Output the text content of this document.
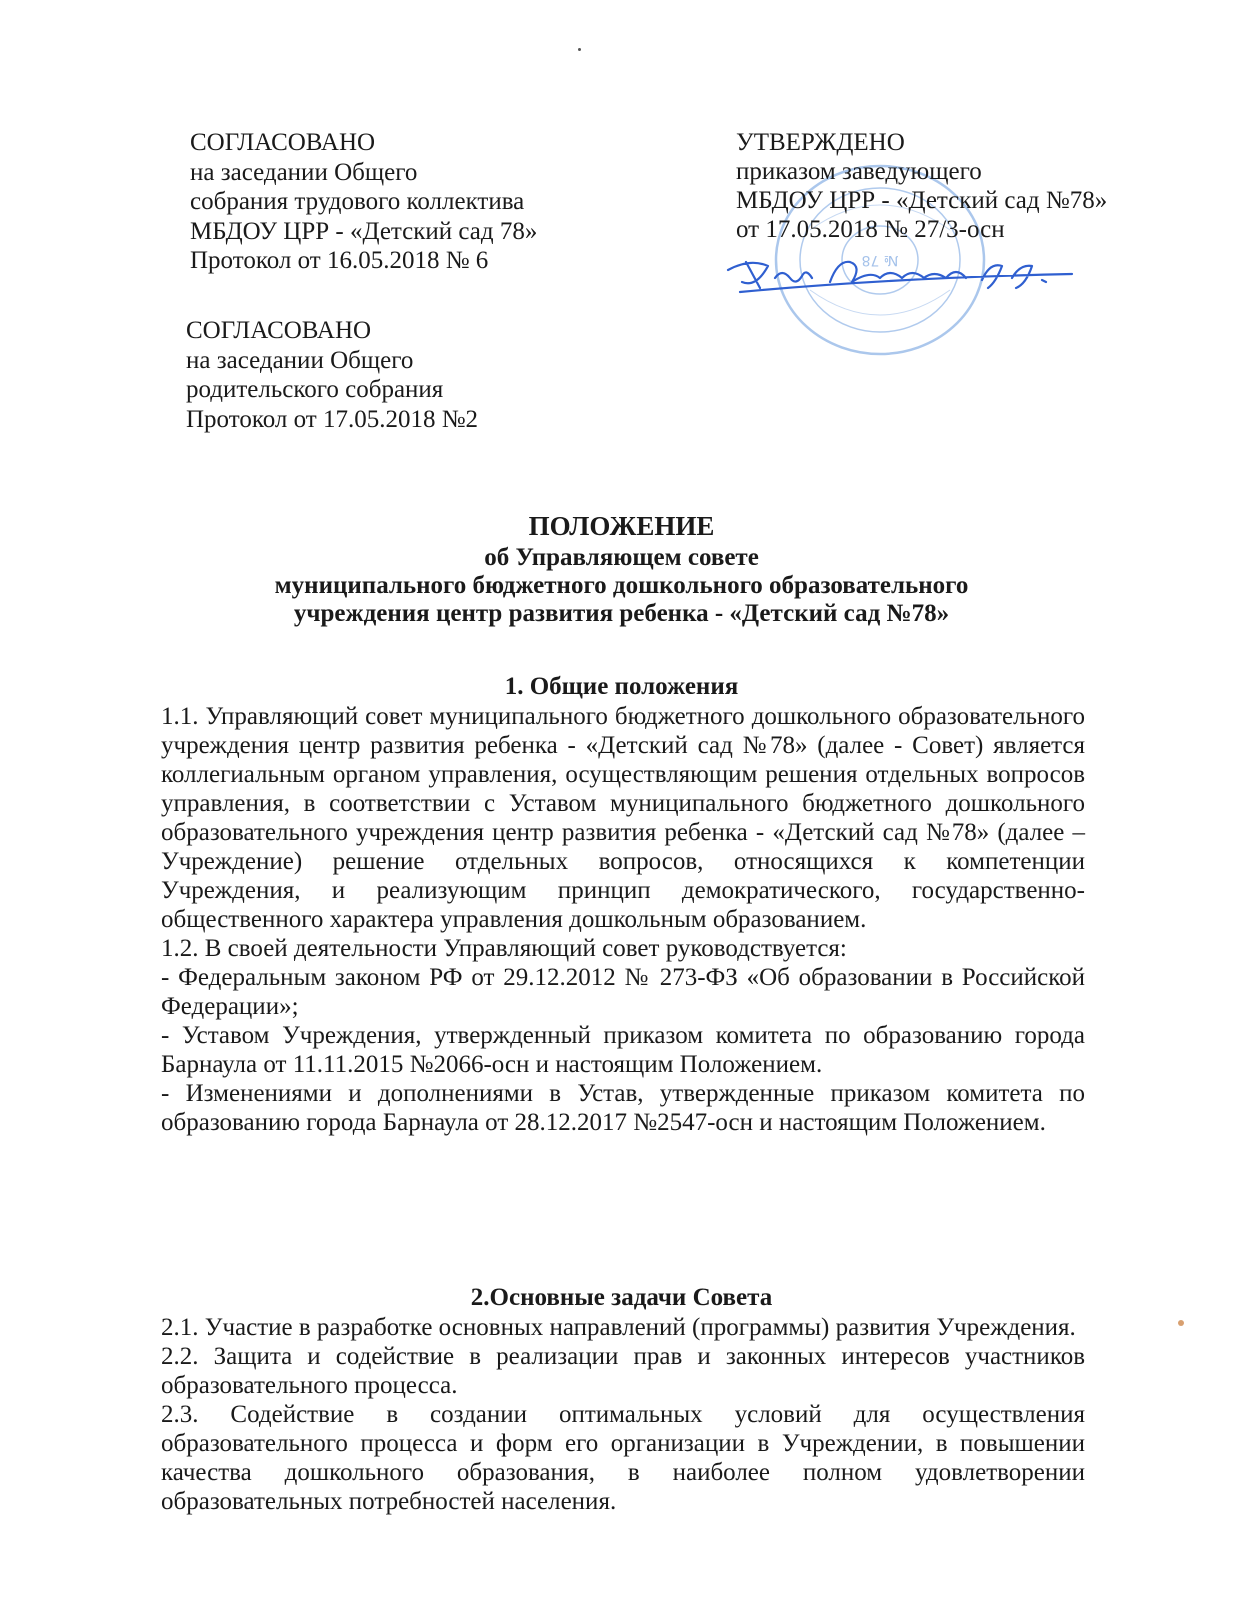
СОГЛАСОВАНО
на заседании Общего
собрания трудового коллектива
МБДОУ ЦРР - «Детский сад 78»
Протокол от 16.05.2018 № 6
СОГЛАСОВАНО
на заседании Общего
родительского собрания
Протокол от 17.05.2018 №2
№ 78
УТВЕРЖДЕНО
приказом заведующего
МБДОУ ЦРР - «Детский сад №78»
от 17.05.2018 № 27/3-осн
ПОЛОЖЕНИЕ
об Управляющем совете
муниципального бюджетного дошкольного образовательного
учреждения центр развития ребенка - «Детский сад №78»
1. Общие положения

1.1. Управляющий совет муниципального бюджетного дошкольного образовательного учреждения центр развития ребенка - «Детский сад №78» (далее - Совет) является коллегиальным органом управления, осуществляющим решения отдельных вопросов управления, в соответствии с Уставом муниципального бюджетного дошкольного образовательного учреждения центр развития ребенка - «Детский сад №78» (далее – Учреждение) решение отдельных вопросов, относящихся к компетенции Учреждения, и реализующим принцип демократического, государственно-общественного характера управления дошкольным образованием.

1.2. В своей деятельности Управляющий совет руководствуется:

- Федеральным законом РФ от 29.12.2012 № 273-ФЗ «Об образовании в Российской Федерации»;

- Уставом Учреждения, утвержденный приказом комитета по образованию города Барнаула от 11.11.2015 №2066-осн и настоящим Положением.

- Изменениями и дополнениями в Устав, утвержденные приказом комитета по образованию города Барнаула от 28.12.2017 №2547-осн и настоящим Положением.

2.Основные задачи Совета

2.1. Участие в разработке основных направлений (программы) развития Учреждения.

2.2. Защита и содействие в реализации прав и законных интересов участников образовательного процесса.

2.3. Содействие в создании оптимальных условий для осуществления образовательного процесса и форм его организации в Учреждении, в повышении качества дошкольного образования, в наиболее полном удовлетворении образовательных потребностей населения.
